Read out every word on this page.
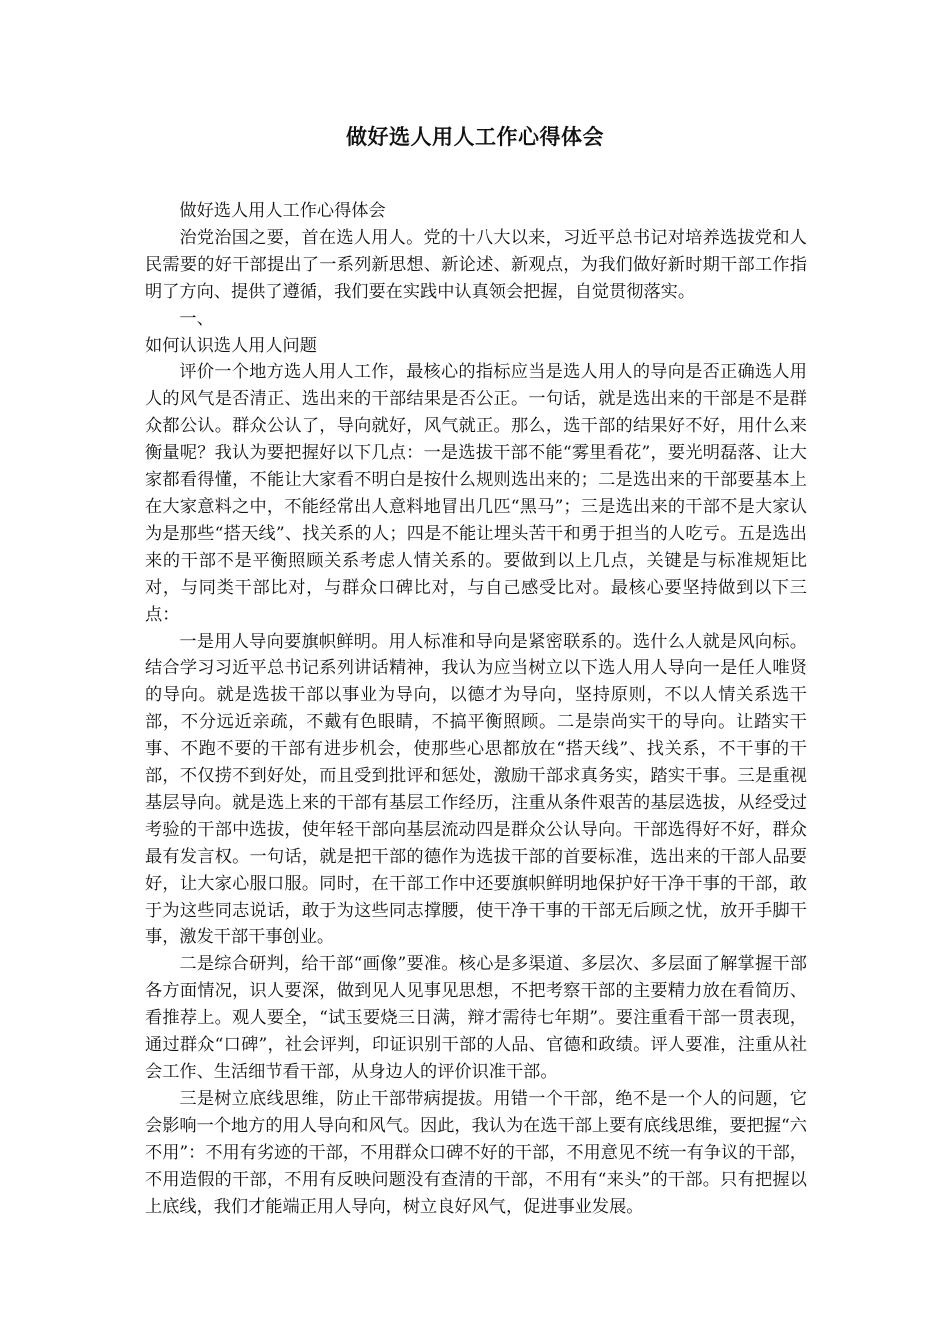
做好选人用人工作心得体会

做好选人用人工作心得体会

治党治国之要，首在选人用人。党的十八大以来，习近平总书记对培养选拔党和人民需要的好干部提出了一系列新思想、新论述、新观点，为我们做好新时期干部工作指明了方向、提供了遵循，我们要在实践中认真领会把握，自觉贯彻落实。

一、

如何认识选人用人问题

评价一个地方选人用人工作，最核心的指标应当是选人用人的导向是否正确选人用人的风气是否清正、选出来的干部结果是否公正。一句话，就是选出来的干部是不是群众都公认。群众公认了，导向就好，风气就正。那么，选干部的结果好不好，用什么来衡量呢？我认为要把握好以下几点：一是选拔干部不能“雾里看花”，要光明磊落、让大家都看得懂，不能让大家看不明白是按什么规则选出来的；二是选出来的干部要基本上在大家意料之中，不能经常出人意料地冒出几匹“黑马”；三是选出来的干部不是大家认为是那些“搭天线”、找关系的人；四是不能让埋头苦干和勇于担当的人吃亏。五是选出来的干部不是平衡照顾关系考虑人情关系的。要做到以上几点，关键是与标准规矩比对，与同类干部比对，与群众口碑比对，与自己感受比对。最核心要坚持做到以下三点：

一是用人导向要旗帜鲜明。用人标准和导向是紧密联系的。选什么人就是风向标。结合学习习近平总书记系列讲话精神，我认为应当树立以下选人用人导向一是任人唯贤的导向。就是选拔干部以事业为导向，以德才为导向，坚持原则，不以人情关系选干部，不分远近亲疏，不戴有色眼睛，不搞平衡照顾。二是崇尚实干的导向。让踏实干事、不跑不要的干部有进步机会，使那些心思都放在“搭天线”、找关系，不干事的干部，不仅捞不到好处，而且受到批评和惩处，激励干部求真务实，踏实干事。三是重视基层导向。就是选上来的干部有基层工作经历，注重从条件艰苦的基层选拔，从经受过考验的干部中选拔，使年轻干部向基层流动四是群众公认导向。干部选得好不好，群众最有发言权。一句话，就是把干部的德作为选拔干部的首要标准，选出来的干部人品要好，让大家心服口服。同时，在干部工作中还要旗帜鲜明地保护好干净干事的干部，敢于为这些同志说话，敢于为这些同志撑腰，使干净干事的干部无后顾之忧，放开手脚干事，激发干部干事创业。

二是综合研判，给干部“画像”要准。核心是多渠道、多层次、多层面了解掌握干部各方面情况，识人要深，做到见人见事见思想，不把考察干部的主要精力放在看简历、看推荐上。观人要全，“试玉要烧三日满，辩才需待七年期”。要注重看干部一贯表现，通过群众“口碑”，社会评判，印证识别干部的人品、官德和政绩。评人要准，注重从社会工作、生活细节看干部，从身边人的评价识准干部。

三是树立底线思维，防止干部带病提拔。用错一个干部，绝不是一个人的问题，它会影响一个地方的用人导向和风气。因此，我认为在选干部上要有底线思维，要把握“六不用”：不用有劣迹的干部，不用群众口碑不好的干部，不用意见不统一有争议的干部，不用造假的干部，不用有反映问题没有查清的干部，不用有“来头”的干部。只有把握以上底线，我们才能端正用人导向，树立良好风气，促进事业发展。
